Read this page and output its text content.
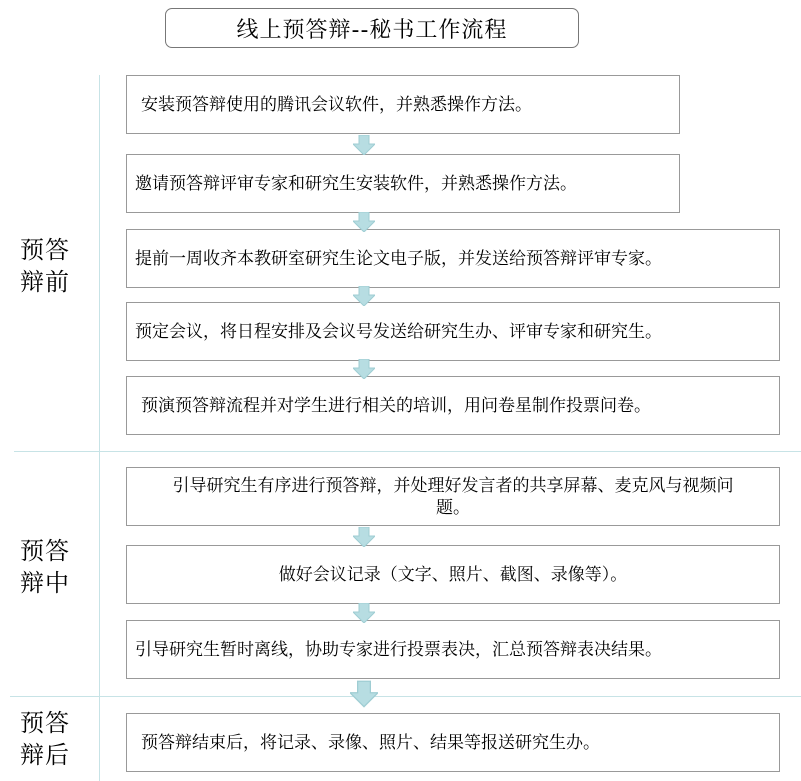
线上预答辩--秘书工作流程
预答
辩前
预答
辩中
预答
辩后
安装预答辩使用的腾讯会议软件，并熟悉操作方法。
邀请预答辩评审专家和研究生安装软件，并熟悉操作方法。
提前一周收齐本教研室研究生论文电子版，并发送给预答辩评审专家。
预定会议，将日程安排及会议号发送给研究生办、评审专家和研究生。
预演预答辩流程并对学生进行相关的培训，用问卷星制作投票问卷。
引导研究生有序进行预答辩，并处理好发言者的共享屏幕、麦克风与视频问题。
做好会议记录（文字、照片、截图、录像等）。
引导研究生暂时离线，协助专家进行投票表决，汇总预答辩表决结果。
预答辩结束后，将记录、录像、照片、结果等报送研究生办。
